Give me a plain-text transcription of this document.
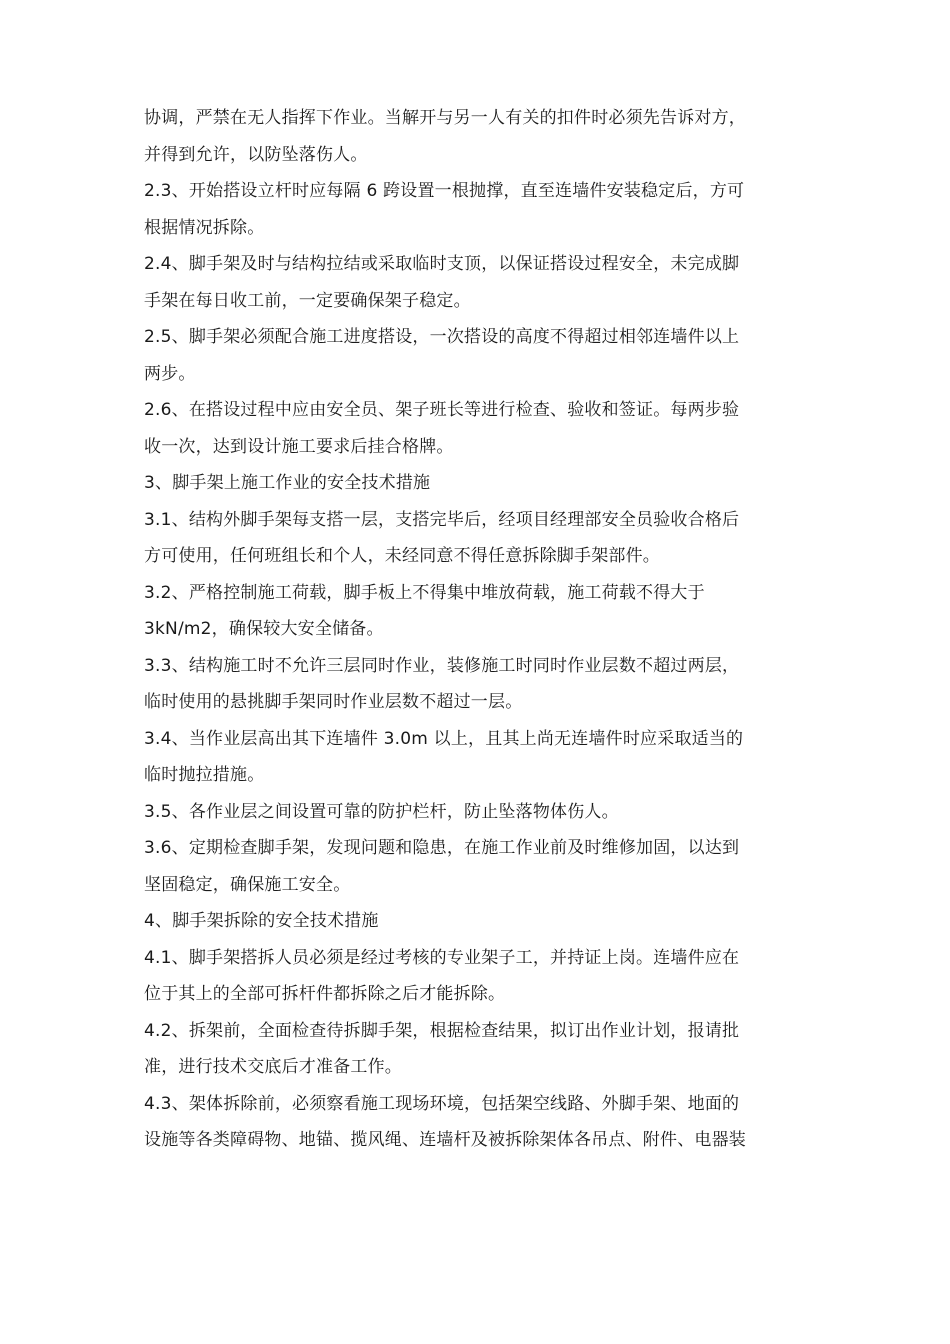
协调，严禁在无人指挥下作业。当解开与另一人有关的扣件时必须先告诉对方，
并得到允许，以防坠落伤人。
2.3、开始搭设立杆时应每隔 6 跨设置一根抛撑，直至连墙件安装稳定后，方可
根据情况拆除。
2.4、脚手架及时与结构拉结或采取临时支顶，以保证搭设过程安全，未完成脚
手架在每日收工前，一定要确保架子稳定。
2.5、脚手架必须配合施工进度搭设，一次搭设的高度不得超过相邻连墙件以上
两步。
2.6、在搭设过程中应由安全员、架子班长等进行检查、验收和签证。每两步验
收一次，达到设计施工要求后挂合格牌。
3、脚手架上施工作业的安全技术措施
3.1、结构外脚手架每支搭一层，支搭完毕后，经项目经理部安全员验收合格后
方可使用，任何班组长和个人，未经同意不得任意拆除脚手架部件。
3.2、严格控制施工荷载，脚手板上不得集中堆放荷载，施工荷载不得大于
3kN/m2，确保较大安全储备。
3.3、结构施工时不允许三层同时作业，装修施工时同时作业层数不超过两层，
临时使用的悬挑脚手架同时作业层数不超过一层。
3.4、当作业层高出其下连墙件 3.0m 以上，且其上尚无连墙件时应采取适当的
临时抛拉措施。
3.5、各作业层之间设置可靠的防护栏杆，防止坠落物体伤人。
3.6、定期检查脚手架，发现问题和隐患，在施工作业前及时维修加固，以达到
坚固稳定，确保施工安全。
4、脚手架拆除的安全技术措施
4.1、脚手架搭拆人员必须是经过考核的专业架子工，并持证上岗。连墙件应在
位于其上的全部可拆杆件都拆除之后才能拆除。
4.2、拆架前，全面检查待拆脚手架，根据检查结果，拟订出作业计划，报请批
准，进行技术交底后才准备工作。
4.3、架体拆除前，必须察看施工现场环境，包括架空线路、外脚手架、地面的
设施等各类障碍物、地锚、揽风绳、连墙杆及被拆除架体各吊点、附件、电器装
